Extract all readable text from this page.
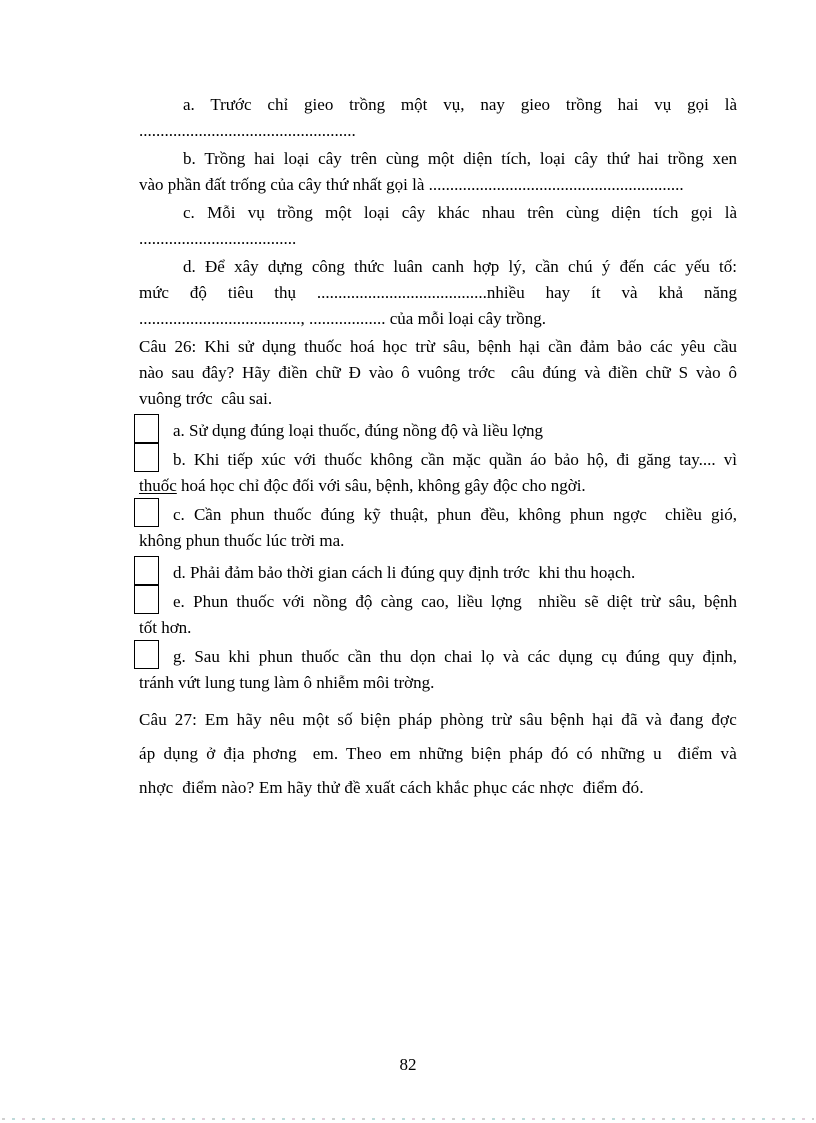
a. Trước chỉ gieo trồng một vụ, nay gieo trồng hai vụ gọi là
...................................................

b. Trồng hai loại cây trên cùng một diện tích, loại cây thứ hai trồng xen
vào phần đất trống của cây thứ nhất gọi là ............................................................

c. Mỗi vụ trồng một loại cây khác nhau trên cùng diện tích gọi là
.....................................

d. Để xây dựng công thức luân canh hợp lý, cần chú ý đến các yếu tố:
mức độ tiêu thụ ........................................nhiều hay ít và khả năng
......................................, .................. của mỗi loại cây trồng.

Câu 26: Khi sử dụng thuốc hoá học trừ sâu, bệnh hại cần đảm bảo các yêu cầu
nào sau đây? Hãy điền chữ Đ vào ô vuông trớc  câu đúng và điền chữ S vào ô
vuông trớc  câu sai.

a. Sử dụng đúng loại thuốc, đúng nồng độ và liều lợng
b. Khi tiếp xúc với thuốc không cần mặc quần áo bảo hộ, đi găng tay.... vì
thuốc hoá học chỉ độc đối với sâu, bệnh, không gây độc cho ngời.
c. Cần phun thuốc đúng kỹ thuật, phun đều, không phun ngợc  chiều gió,
không phun thuốc lúc trời ma.
d. Phải đảm bảo thời gian cách li đúng quy định trớc  khi thu hoạch.
e. Phun thuốc với nồng độ càng cao, liều lợng  nhiều sẽ diệt trừ sâu, bệnh
tốt hơn.
g. Sau khi phun thuốc cần thu dọn chai lọ và các dụng cụ đúng quy định,
tránh vứt lung tung làm ô nhiễm môi trờng.

Câu 27: Em hãy nêu một số biện pháp phòng trừ sâu bệnh hại đã và đang đợc
áp dụng ở địa phơng  em. Theo em những biện pháp đó có những u  điểm và
nhợc  điểm nào? Em hãy thử đề xuất cách khắc phục các nhợc  điểm đó.

82
